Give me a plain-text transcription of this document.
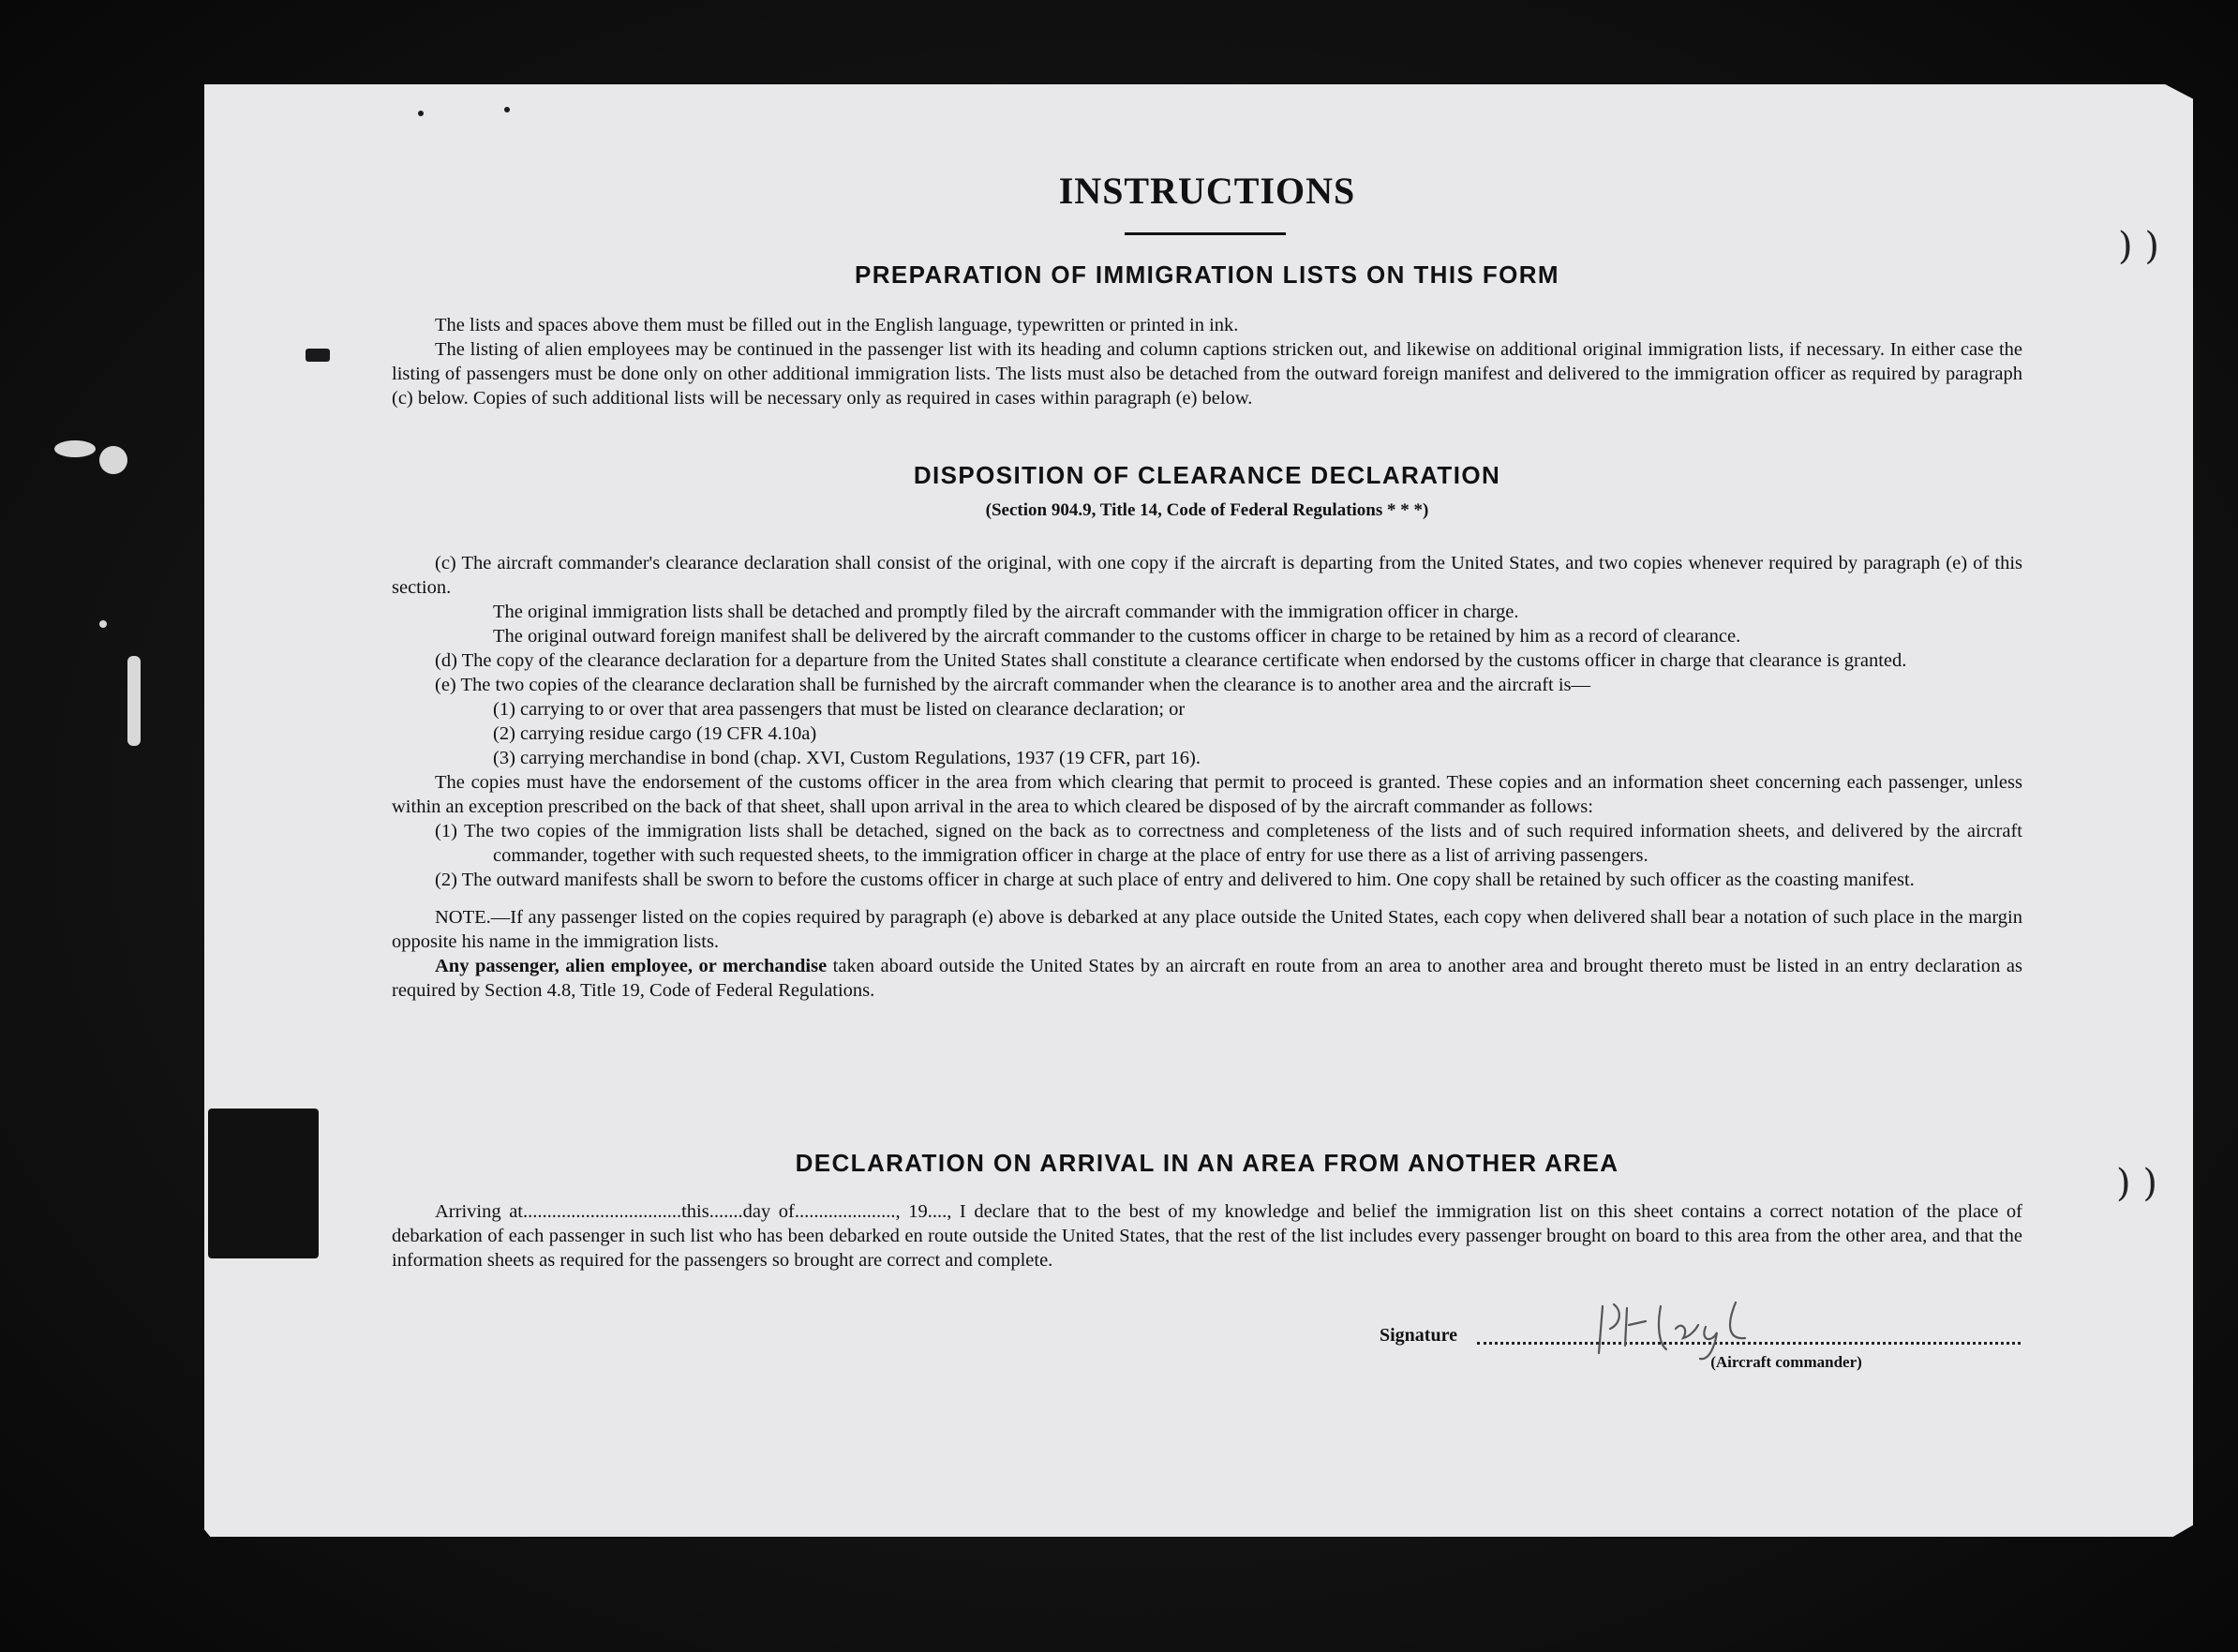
) )
) )
INSTRUCTIONS
PREPARATION OF IMMIGRATION LISTS ON THIS FORM

The lists and spaces above them must be filled out in the English language, typewritten or printed in ink.

The listing of alien employees may be continued in the passenger list with its heading and column captions stricken out, and likewise on additional original immigration lists, if necessary. In either case the listing of passengers must be done only on other additional immigration lists. The lists must also be detached from the outward foreign manifest and delivered to the immigration officer as required by paragraph (c) below. Copies of such additional lists will be necessary only as required in cases within paragraph (e) below.

DISPOSITION OF CLEARANCE DECLARATION
(Section 904.9, Title 14, Code of Federal Regulations * * *)

(c) The aircraft commander's clearance declaration shall consist of the original, with one copy if the aircraft is departing from the United States, and two copies whenever required by paragraph (e) of this section.

The original immigration lists shall be detached and promptly filed by the aircraft commander with the immigration officer in charge.

The original outward foreign manifest shall be delivered by the aircraft commander to the customs officer in charge to be retained by him as a record of clearance.

(d) The copy of the clearance declaration for a departure from the United States shall constitute a clearance certificate when endorsed by the customs officer in charge that clearance is granted.

(e) The two copies of the clearance declaration shall be furnished by the aircraft commander when the clearance is to another area and the aircraft is—

(1) carrying to or over that area passengers that must be listed on clearance declaration; or

(2) carrying residue cargo (19 CFR 4.10a)

(3) carrying merchandise in bond (chap. XVI, Custom Regulations, 1937 (19 CFR, part 16).

The copies must have the endorsement of the customs officer in the area from which clearing that permit to proceed is granted. These copies and an information sheet concerning each passenger, unless within an exception prescribed on the back of that sheet, shall upon arrival in the area to which cleared be disposed of by the aircraft commander as follows:

(1) The two copies of the immigration lists shall be detached, signed on the back as to correctness and completeness of the lists and of such required information sheets, and delivered by the aircraft commander, together with such requested sheets, to the immigration officer in charge at the place of entry for use there as a list of arriving passengers.

(2) The outward manifests shall be sworn to before the customs officer in charge at such place of entry and delivered to him. One copy shall be retained by such officer as the coasting manifest.

NOTE.—If any passenger listed on the copies required by paragraph (e) above is debarked at any place outside the United States, each copy when delivered shall bear a notation of such place in the margin opposite his name in the immigration lists.

Any passenger, alien employee, or merchandise taken aboard outside the United States by an aircraft en route from an area to another area and brought thereto must be listed in an entry declaration as required by Section 4.8, Title 19, Code of Federal Regulations.

DECLARATION ON ARRIVAL IN AN AREA FROM ANOTHER AREA

Arriving at.................................this.......day of....................., 19...., I declare that to the best of my knowledge and belief the immigration list on this sheet contains a correct notation of the place of debarkation of each passenger in such list who has been debarked en route outside the United States, that the rest of the list includes every passenger brought on board to this area from the other area, and that the information sheets as required for the passengers so brought are correct and complete.

Signature
(Aircraft commander)
